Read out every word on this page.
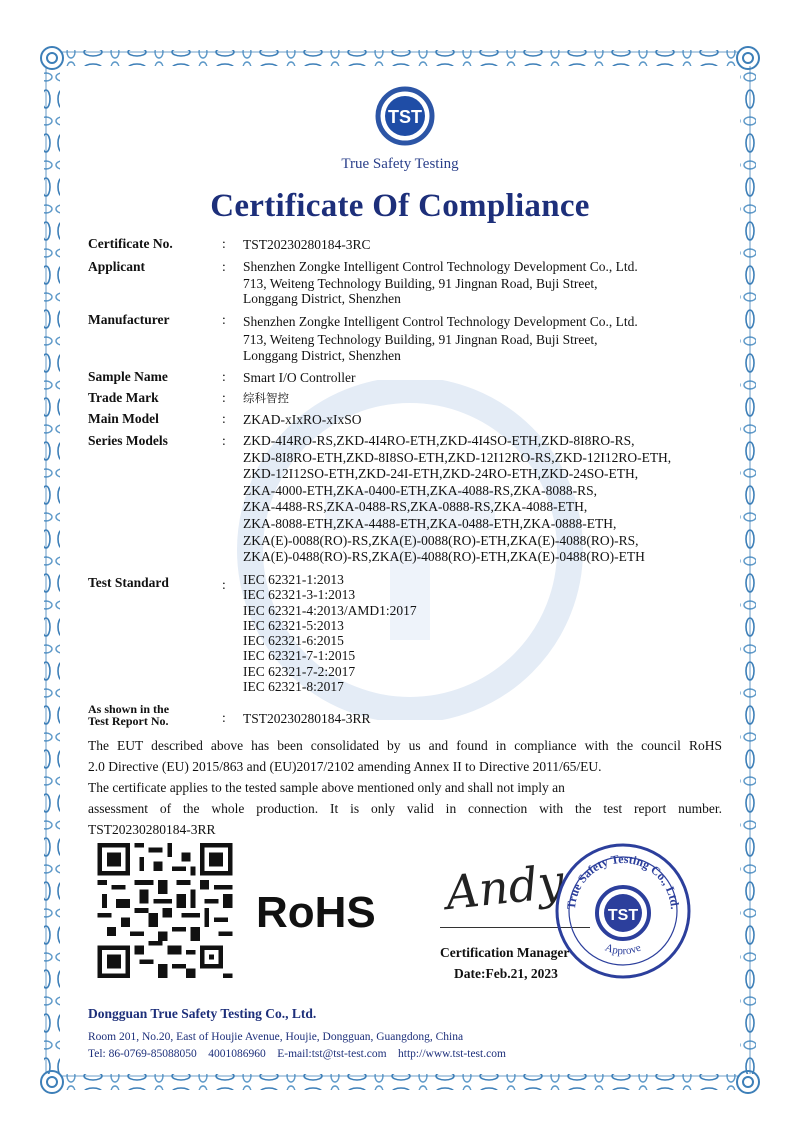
TST
True Safety Testing
Certificate Of Compliance
Certificate No.	: TST20230280184-3RC
Applicant	: Shenzhen Zongke Intelligent Control Technology Development Co., Ltd.
713, Weiteng Technology Building, 91 Jingnan Road, Buji Street,
Longgang District, Shenzhen
Manufacturer	: Shenzhen Zongke Intelligent Control Technology Development Co., Ltd.
713, Weiteng Technology Building, 91 Jingnan Road, Buji Street,
Longgang District, Shenzhen
Sample Name	: Smart I/O Controller
Trade Mark	: 综科智控
Main Model	: ZKAD-xIxRO-xIxSO
Series Models	: ZKD-4I4RO-RS,ZKD-4I4RO-ETH,ZKD-4I4SO-ETH,ZKD-8I8RO-RS,
ZKD-8I8RO-ETH,ZKD-8I8SO-ETH,ZKD-12I12RO-RS,ZKD-12I12RO-ETH,
ZKD-12I12SO-ETH,ZKD-24I-ETH,ZKD-24RO-ETH,ZKD-24SO-ETH,
ZKA-4000-ETH,ZKA-0400-ETH,ZKA-4088-RS,ZKA-8088-RS,
ZKA-4488-RS,ZKA-0488-RS,ZKA-0888-RS,ZKA-4088-ETH,
ZKA-8088-ETH,ZKA-4488-ETH,ZKA-0488-ETH,ZKA-0888-ETH,
ZKA(E)-0088(RO)-RS,ZKA(E)-0088(RO)-ETH,ZKA(E)-4088(RO)-RS,
ZKA(E)-0488(RO)-RS,ZKA(E)-4088(RO)-ETH,ZKA(E)-0488(RO)-ETH
Test Standard	: IEC 62321-1:2013
IEC 62321-3-1:2013
IEC 62321-4:2013/AMD1:2017
IEC 62321-5:2013
IEC 62321-6:2015
IEC 62321-7-1:2015
IEC 62321-7-2:2017
IEC 62321-8:2017
As shown in the
Test Report No.	: TST20230280184-3RR

The EUT described above has been consolidated by us and found in compliance with the council RoHS

2.0 Directive (EU) 2015/863 and (EU)2017/2102 amending Annex II to Directive 2011/65/EU.

The certificate applies to the tested sample above mentioned only and shall not imply an

assessment of the whole production. It is only valid in connection with the test report number.

TST20230280184-3RR

RoHS Andy
Certification Manager
Date:Feb.21, 2023
True Safety Testing Co., Ltd.
Approve
TST
Dongguan True Safety Testing Co., Ltd.
Room 201, No.20, East of Houjie Avenue, Houjie, Dongguan, Guangdong, China
Tel: 86-0769-85088050    4001086960    E-mail:tst@tst-test.com    http://www.tst-test.com
